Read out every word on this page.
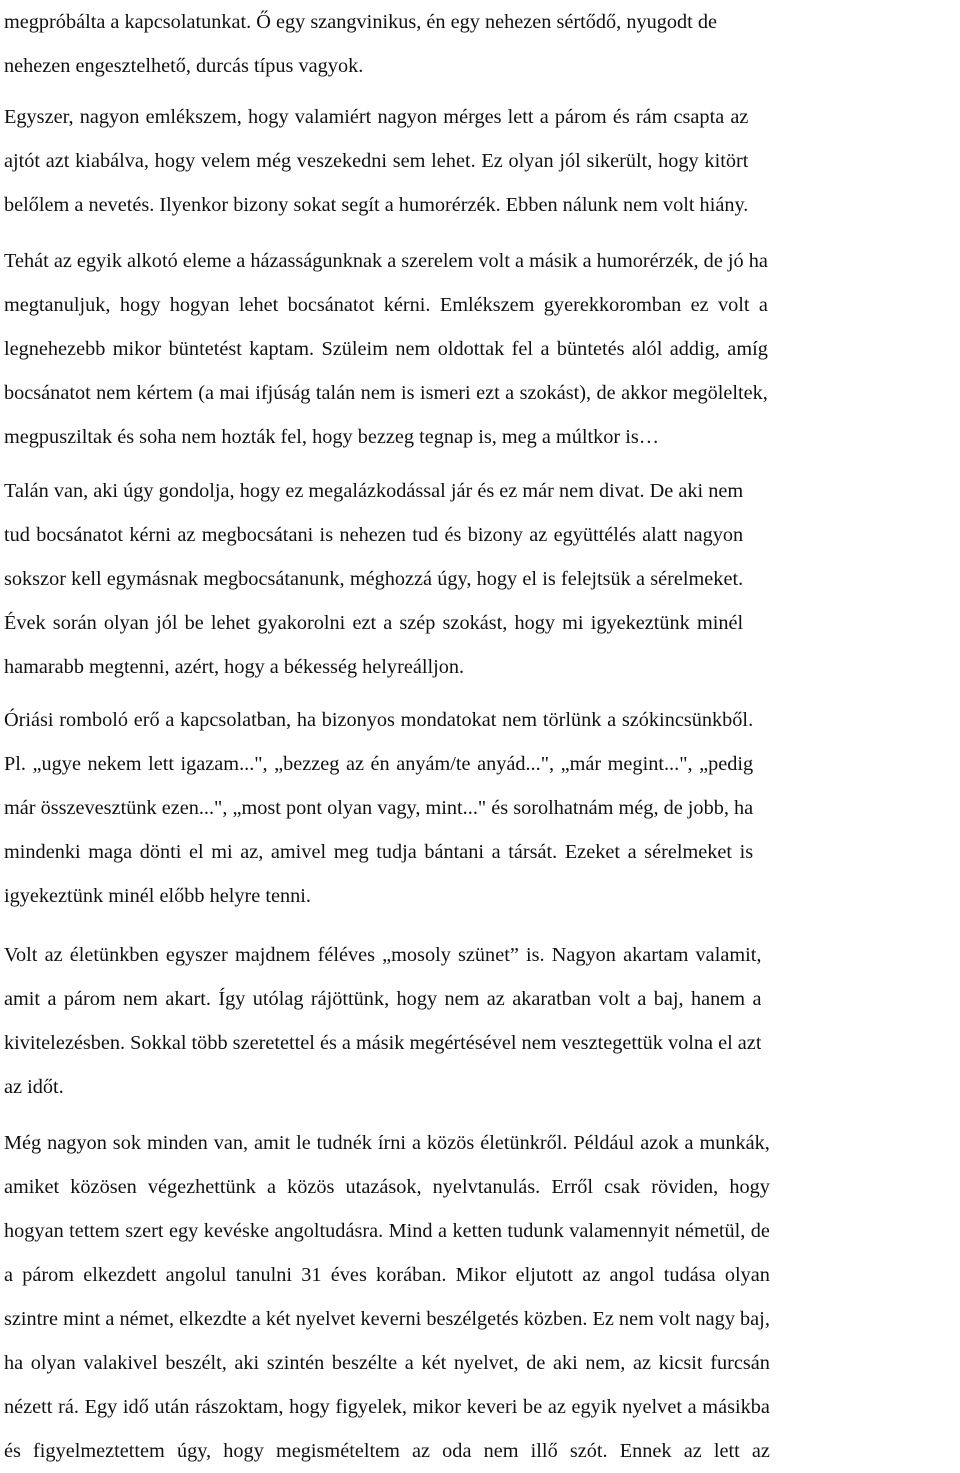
megpróbálta a kapcsolatunkat. Ő egy szangvinikus, én egy nehezen sértődő, nyugodt de
nehezen engesztelhető, durcás típus vagyok.
Egyszer, nagyon emlékszem, hogy valamiért nagyon mérges lett a párom és rám csapta az
ajtót azt kiabálva, hogy velem még veszekedni sem lehet. Ez olyan jól sikerült, hogy kitört
belőlem a nevetés. Ilyenkor bizony sokat segít a humorérzék. Ebben nálunk nem volt hiány.
Tehát az egyik alkotó eleme a házasságunknak a szerelem volt a másik a humorérzék, de jó ha
megtanuljuk, hogy hogyan lehet bocsánatot kérni. Emlékszem gyerekkoromban ez volt a
legnehezebb mikor büntetést kaptam. Szüleim nem oldottak fel a büntetés alól addig, amíg
bocsánatot nem kértem (a mai ifjúság talán nem is ismeri ezt a szokást), de akkor megöleltek,
megpusziltak és soha nem hozták fel, hogy bezzeg tegnap is, meg a múltkor is…
Talán van, aki úgy gondolja, hogy ez megalázkodással jár és ez már nem divat. De aki nem
tud bocsánatot kérni az megbocsátani is nehezen tud és bizony az együttélés alatt nagyon
sokszor kell egymásnak megbocsátanunk, méghozzá úgy, hogy el is felejtsük a sérelmeket.
Évek során olyan jól be lehet gyakorolni ezt a szép szokást, hogy mi igyekeztünk minél
hamarabb megtenni, azért, hogy a békesség helyreálljon.
Óriási romboló erő a kapcsolatban, ha bizonyos mondatokat nem törlünk a szókincsünkből.
Pl. „ugye nekem lett igazam...", „bezzeg az én anyám/te anyád...", „már megint...", „pedig
már összevesztünk ezen...", „most pont olyan vagy, mint..." és sorolhatnám még, de jobb, ha
mindenki maga dönti el mi az, amivel meg tudja bántani a társát. Ezeket a sérelmeket is
igyekeztünk minél előbb helyre tenni.
Volt az életünkben egyszer majdnem féléves „mosoly szünet” is. Nagyon akartam valamit,
amit a párom nem akart. Így utólag rájöttünk, hogy nem az akaratban volt a baj, hanem a
kivitelezésben. Sokkal több szeretettel és a másik megértésével nem vesztegettük volna el azt
az időt.
Még nagyon sok minden van, amit le tudnék írni a közös életünkről. Például azok a munkák,
amiket közösen végezhettünk a közös utazások, nyelvtanulás. Erről csak röviden, hogy
hogyan tettem szert egy kevéske angoltudásra. Mind a ketten tudunk valamennyit németül, de
a párom elkezdett angolul tanulni 31 éves korában. Mikor eljutott az angol tudása olyan
szintre mint a német, elkezdte a két nyelvet keverni beszélgetés közben. Ez nem volt nagy baj,
ha olyan valakivel beszélt, aki szintén beszélte a két nyelvet, de aki nem, az kicsit furcsán
nézett rá. Egy idő után rászoktam, hogy figyelek, mikor keveri be az egyik nyelvet a másikba
és figyelmeztettem úgy, hogy megismételtem az oda nem illő szót. Ennek az lett az
